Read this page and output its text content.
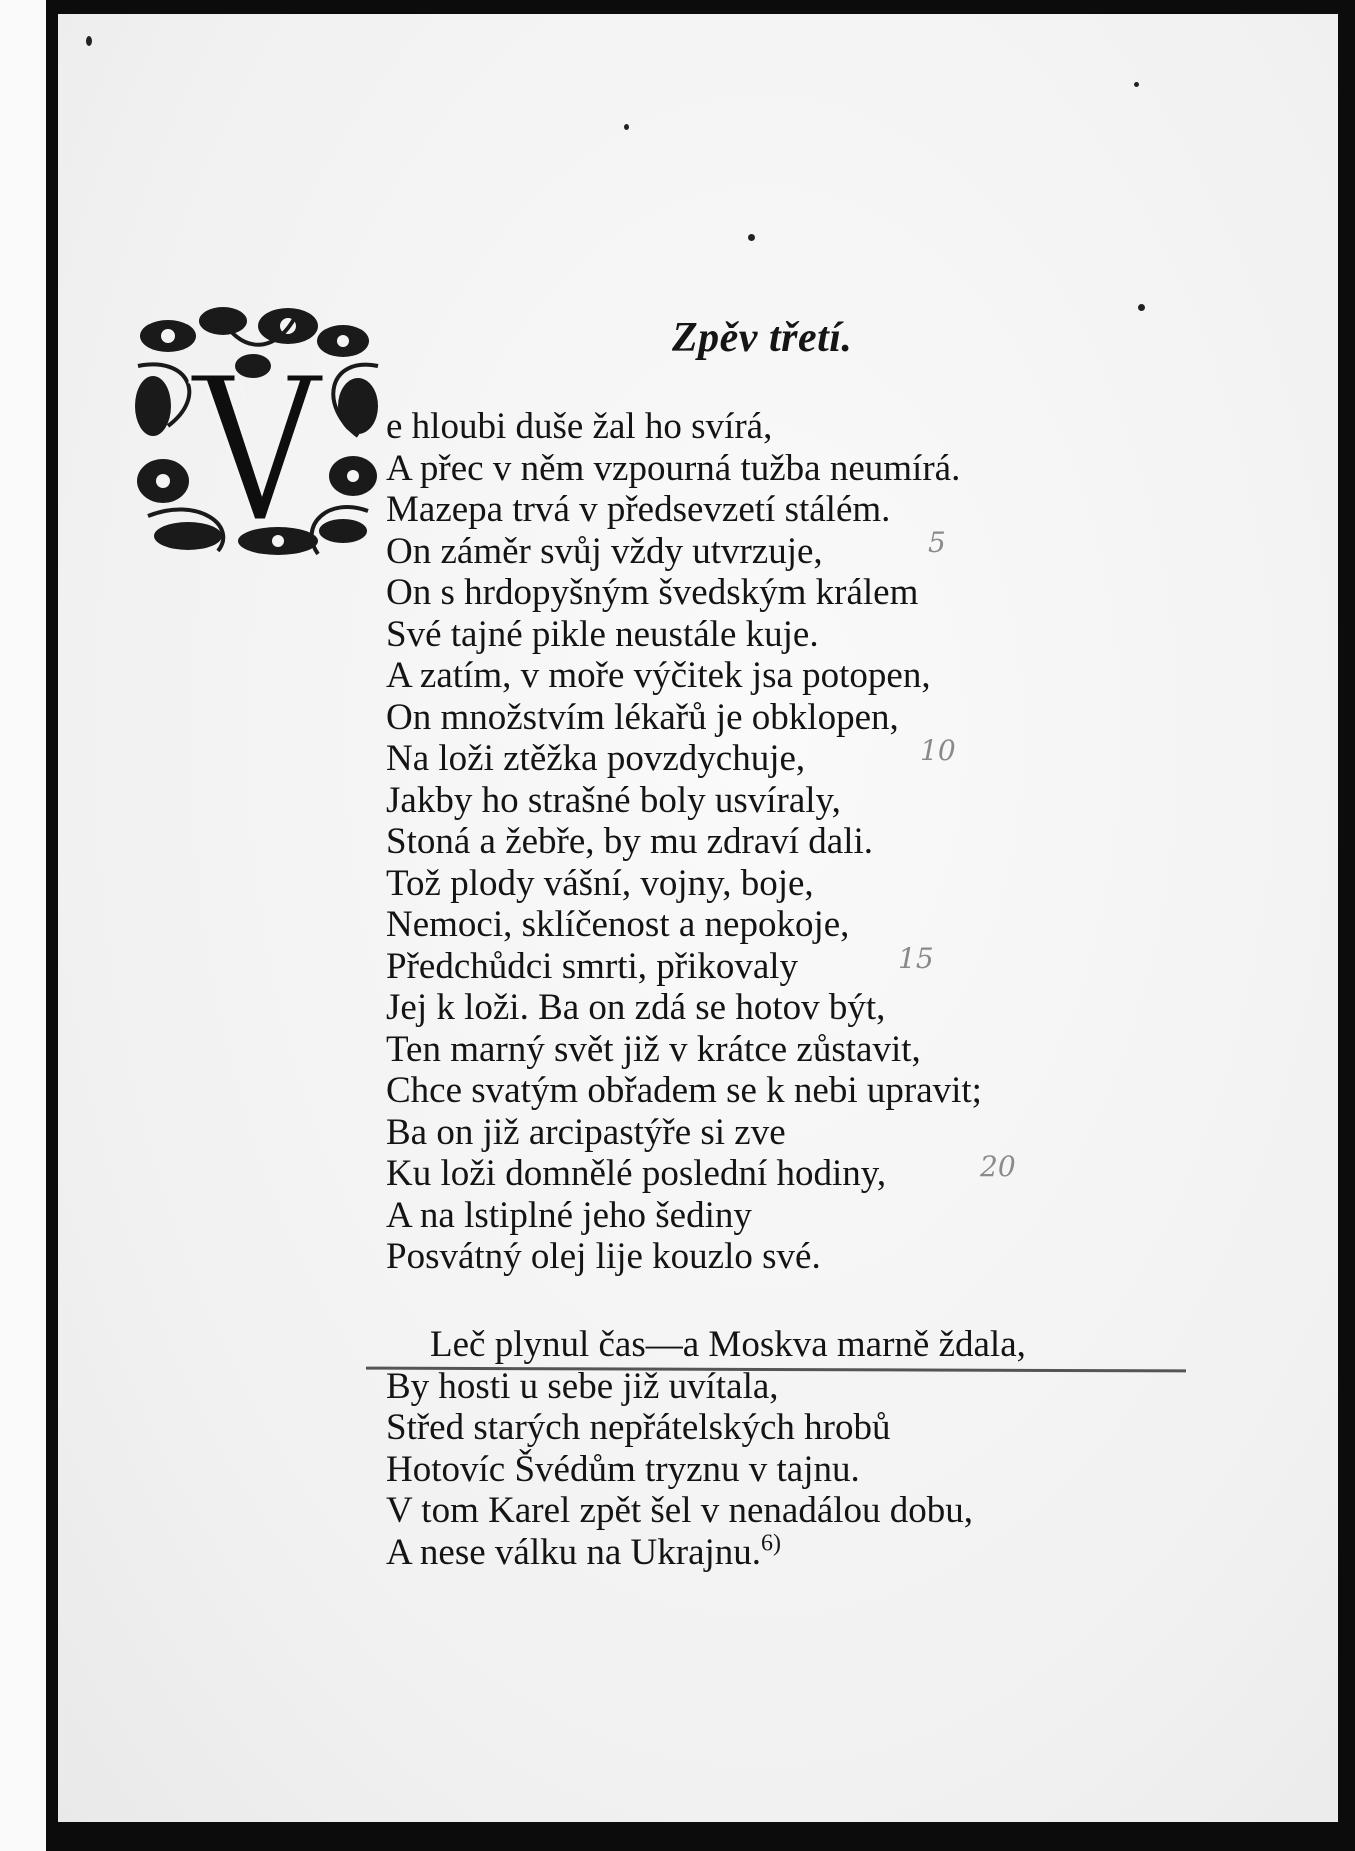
Zpěv třetí.
e hloubi duše žal ho svírá,
A přec v něm vzpourná tužba neumírá.
Mazepa trvá v předsevzetí stálém.
On záměr svůj vždy utvrzuje,
On s hrdopyšným švedským králem
Své tajné pikle neustále kuje.
A zatím, v moře výčitek jsa potopen,
On množstvím lékařů je obklopen,
Na loži ztěžka povzdychuje,
Jakby ho strašné boly usvíraly,
Stoná a žebře, by mu zdraví dali.
Tož plody vášní, vojny, boje,
Nemoci, sklíčenost a nepokoje,
Předchůdci smrti, přikovaly
Jej k loži. Ba on zdá se hotov být,
Ten marný svět již v krátce zůstavit,
Chce svatým obřadem se k nebi upravit;
Ba on již arcipastýře si zve
Ku loži domnělé poslední hodiny,
A na lstiplné jeho šediny
Posvátný olej lije kouzlo své.
Leč plynul čas—a Moskva marně ždala,
By hosti u sebe již uvítala,
Střed starých nepřátelských hrobů
Hotovíc Švédům tryznu v tajnu.
V tom Karel zpět šel v nenadálou dobu,
A nese válku na Ukrajnu.$^{6)}$
5
10
15
20
